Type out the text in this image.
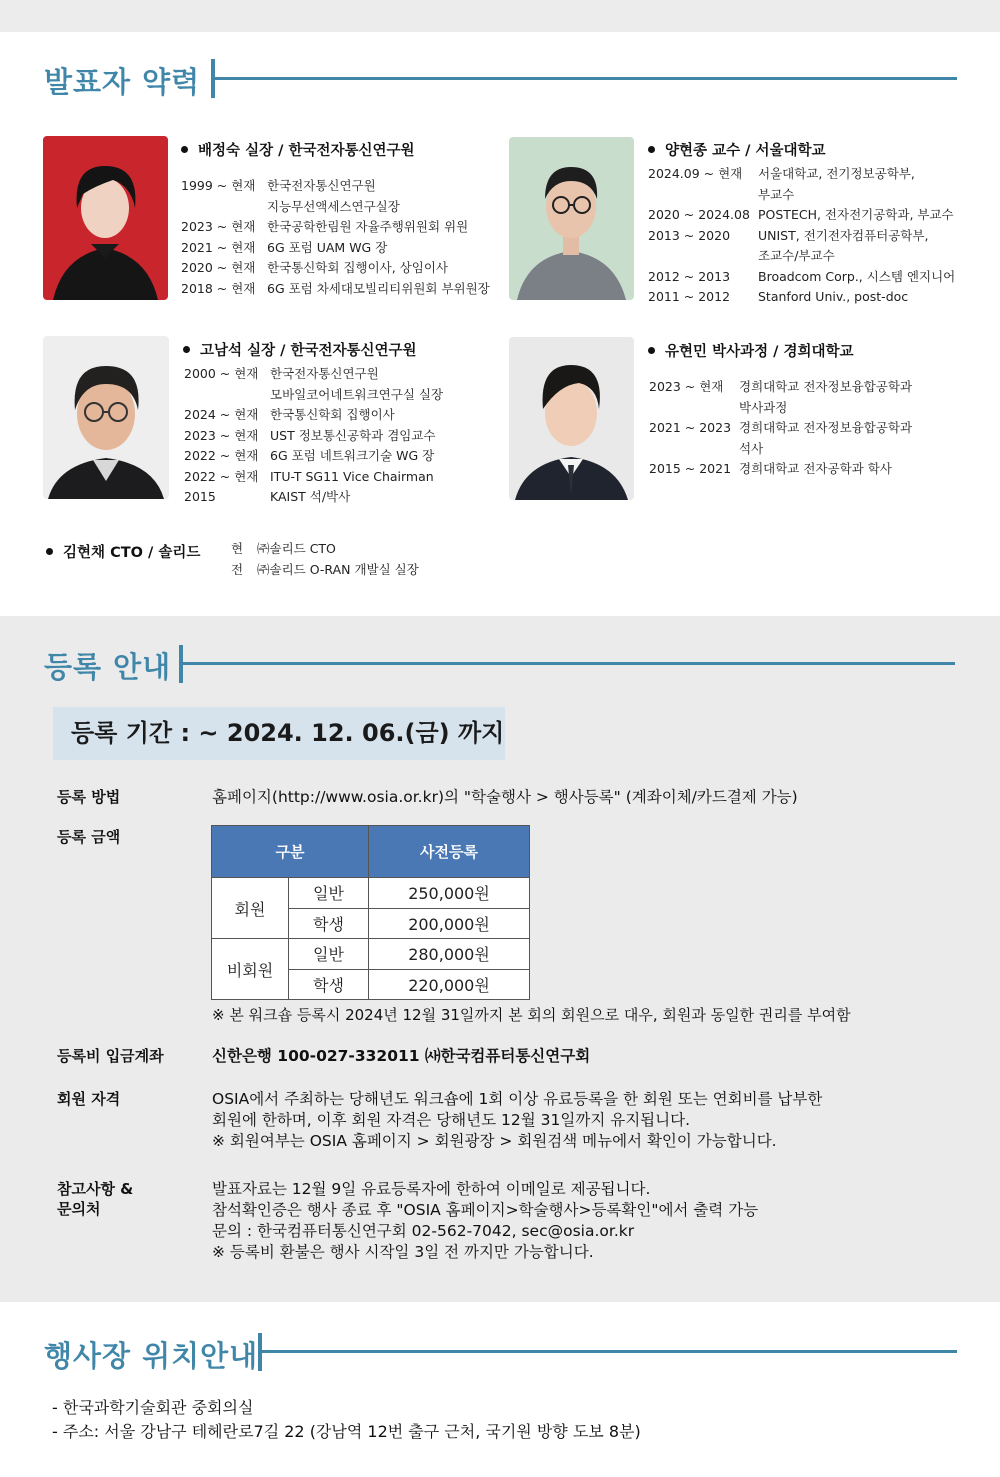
발표자 약력
배정숙 실장 / 한국전자통신연구원
1999 ~ 현재 한국전자통신연구원
지능무선액세스연구실장
2023 ~ 현재 한국공학한림원 자율주행위원회 위원
2021 ~ 현재 6G 포럼 UAM WG 장
2020 ~ 현재 한국통신학회 집행이사, 상임이사
2018 ~ 현재 6G 포럼 차세대모빌리티위원회 부위원장
양현종 교수 / 서울대학교
2024.09 ~ 현재	서울대학교, 전기정보공학부,
부교수
2020 ~ 2024.08 POSTECH, 전자전기공학과, 부교수
2013 ~ 2020	UNIST, 전기전자컴퓨터공학부,
조교수/부교수
2012 ~ 2013	Broadcom Corp., 시스템 엔지니어
2011 ~ 2012	Stanford Univ., post-doc
고남석 실장 / 한국전자통신연구원
2000 ~ 현재 한국전자통신연구원
모바일코어네트워크연구실 실장
2024 ~ 현재 한국통신학회 집행이사
2023 ~ 현재 UST 정보통신공학과 겸임교수
2022 ~ 현재 6G 포럼 네트워크기술 WG 장
2022 ~ 현재 ITU-T SG11 Vice Chairman
2015	KAIST 석/박사
유현민 박사과정 / 경희대학교
2023 ~ 현재	경희대학교 전자정보융합공학과
박사과정
2021 ~ 2023 경희대학교 전자정보융합공학과
석사
2015 ~ 2021 경희대학교 전자공학과 학사
김현채 CTO / 솔리드 현	㈜솔리드 CTO
전	㈜솔리드 O-RAN 개발실 실장
등록 안내
등록 기간 : ~ 2024. 12. 06.(금) 까지
등록 방법	홈페이지(http://www.osia.or.kr)의 "학술행사 > 행사등록" (계좌이체/카드결제 가능)
등록 금액
구분		사전등록
회원	일반	250,000원
	학생	200,000원
비회원	일반	280,000원
	학생	220,000원
※ 본 워크숍 등록시 2024년 12월 31일까지 본 회의 회원으로 대우, 회원과 동일한 권리를 부여함
등록비 입금계좌	신한은행 100-027-332011 ㈔한국컴퓨터통신연구회
회원 자격	OSIA에서 주최하는 당해년도 워크숍에 1회 이상 유료등록을 한 회원 또는 연회비를 납부한
회원에 한하며, 이후 회원 자격은 당해년도 12월 31일까지 유지됩니다.
※ 회원여부는 OSIA 홈페이지 > 회원광장 > 회원검색 메뉴에서 확인이 가능합니다.
참고사항 &
문의처
발표자료는 12월 9일 유료등록자에 한하여 이메일로 제공됩니다.
참석확인증은 행사 종료 후 "OSIA 홈페이지>학술행사>등록확인"에서 출력 가능
문의 : 한국컴퓨터통신연구회 02-562-7042, sec@osia.or.kr
※ 등록비 환불은 행사 시작일 3일 전 까지만 가능합니다.
행사장 위치안내
- 한국과학기술회관 중회의실
- 주소: 서울 강남구 테헤란로7길 22 (강남역 12번 출구 근처, 국기원 방향 도보 8분)
